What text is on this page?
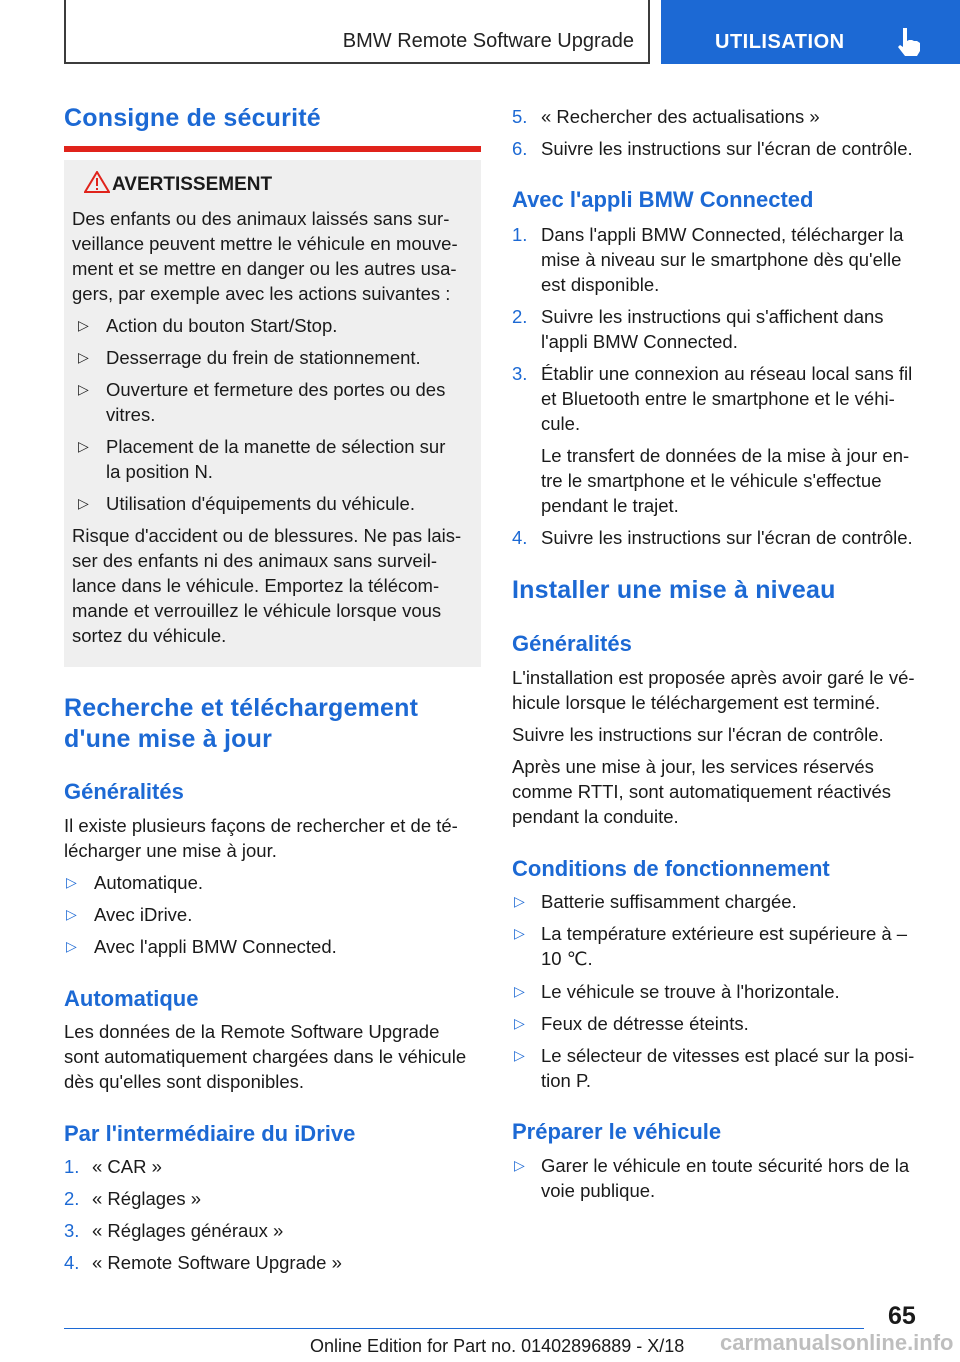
BMW Remote Software Upgrade	UTILISATION
Consigne de sécurité
AVERTISSEMENT
Des enfants ou des animaux laissés sans sur-
veillance peuvent mettre le véhicule en mouve-
ment et se mettre en danger ou les autres usa-
gers, par exemple avec les actions suivantes :
▷ Action du bouton Start/Stop.
▷ Desserrage du frein de stationnement.
▷ Ouverture et fermeture des portes ou des
vitres.
▷ Placement de la manette de sélection sur
la position N.
▷ Utilisation d'équipements du véhicule.
Risque d'accident ou de blessures. Ne pas lais-
ser des enfants ni des animaux sans surveil-
lance dans le véhicule. Emportez la télécom-
mande et verrouillez le véhicule lorsque vous
sortez du véhicule.
Recherche et téléchargement
d'une mise à jour
Généralités
Il existe plusieurs façons de rechercher et de té-
lécharger une mise à jour.
▷ Automatique.
▷ Avec iDrive.
▷ Avec l'appli BMW Connected.
Automatique
Les données de la Remote Software Upgrade
sont automatiquement chargées dans le véhicule
dès qu'elles sont disponibles.
Par l'intermédiaire du iDrive
1. « CAR »
2. « Réglages »
3. « Réglages généraux »
4. « Remote Software Upgrade »
5. « Rechercher des actualisations »
6. Suivre les instructions sur l'écran de contrôle.
Avec l'appli BMW Connected
1. Dans l'appli BMW Connected, télécharger la
mise à niveau sur le smartphone dès qu'elle
est disponible.
2. Suivre les instructions qui s'affichent dans
l'appli BMW Connected.
3. Établir une connexion au réseau local sans fil
et Bluetooth entre le smartphone et le véhi-
cule.
Le transfert de données de la mise à jour en-
tre le smartphone et le véhicule s'effectue
pendant le trajet.
4. Suivre les instructions sur l'écran de contrôle.
Installer une mise à niveau
Généralités
L'installation est proposée après avoir garé le vé-
hicule lorsque le téléchargement est terminé.
Suivre les instructions sur l'écran de contrôle.
Après une mise à jour, les services réservés
comme RTTI, sont automatiquement réactivés
pendant la conduite.
Conditions de fonctionnement
▷ Batterie suffisamment chargée.
▷ La température extérieure est supérieure à –
10 ℃.
▷ Le véhicule se trouve à l'horizontale.
▷ Feux de détresse éteints.
▷ Le sélecteur de vitesses est placé sur la posi-
tion P.
Préparer le véhicule
▷ Garer le véhicule en toute sécurité hors de la
voie publique.
65
Online Edition for Part no. 01402896889 - X/18 carmanualsonline.info
